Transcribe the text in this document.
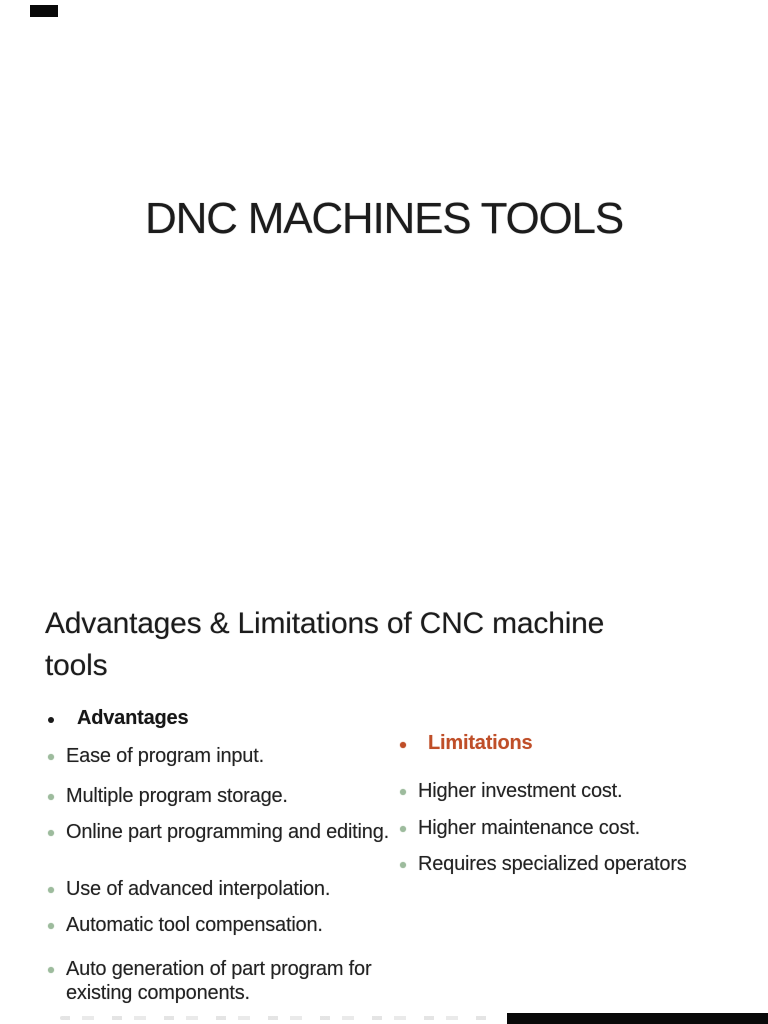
DNC MACHINES TOOLS
Advantages & Limitations of CNC machine
tools
Advantages
Ease of program input.
Multiple program storage.
Online part programming and editing.
Use of advanced interpolation.
Automatic tool compensation.
Auto generation of part program for existing components.
Limitations
Higher investment cost.
Higher maintenance cost.
Requires specialized operators
